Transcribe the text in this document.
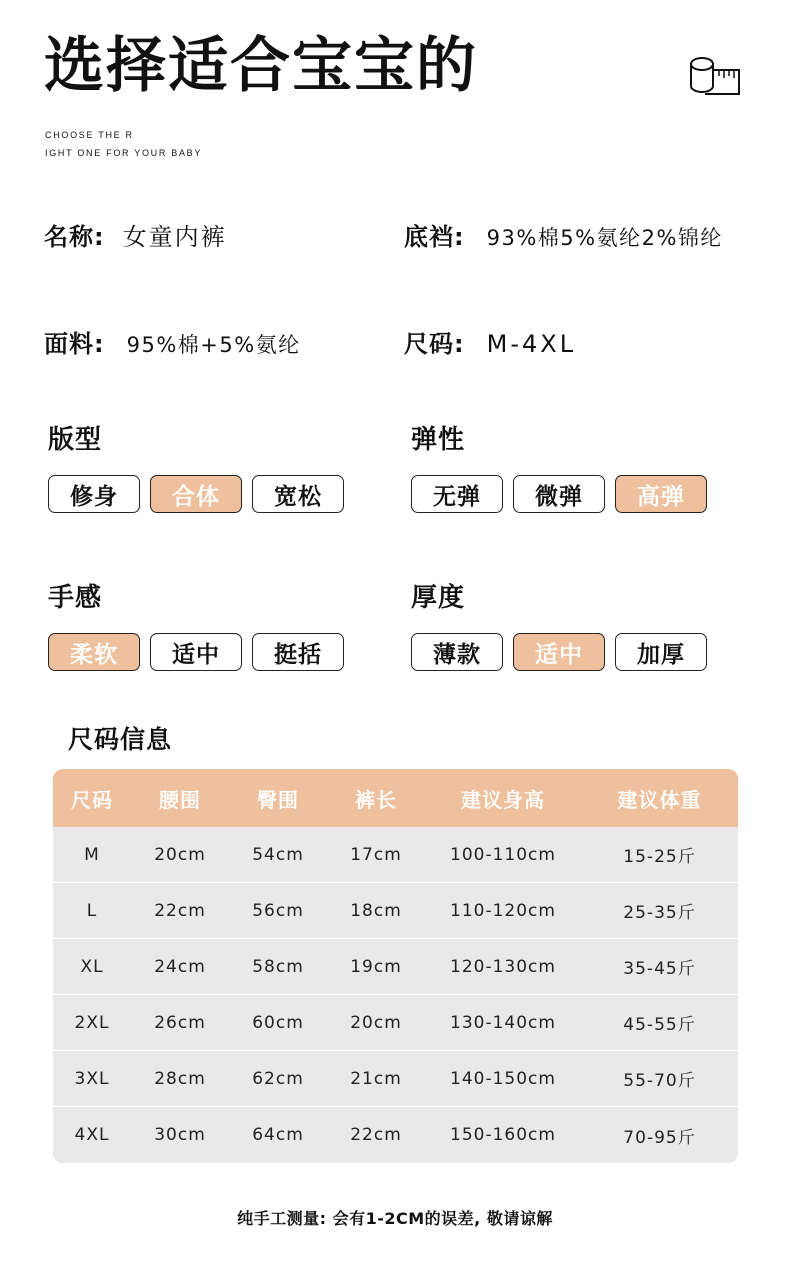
选择适合宝宝的
CHOOSE THE R
IGHT ONE FOR YOUR BABY
名称: 女童内裤	底裆: 93%棉5%氨纶2%锦纶
面料: 95%棉+5%氨纶	尺码: M-4XL
版型
修身	合体	宽松
弹性
无弹	微弹	高弹
手感
柔软	适中	挺括
厚度
薄款	适中	加厚
尺码信息
尺码	腰围	臀围	裤长	建议身高	建议体重
M	20cm	54cm	17cm	100-110cm	15-25斤
L	22cm	56cm	18cm	110-120cm	25-35斤
XL	24cm	58cm	19cm	120-130cm	35-45斤
2XL	26cm	60cm	20cm	130-140cm	45-55斤
3XL	28cm	62cm	21cm	140-150cm	55-70斤
4XL	30cm	64cm	22cm	150-160cm	70-95斤
纯手工测量: 会有1-2CM的误差, 敬请谅解
